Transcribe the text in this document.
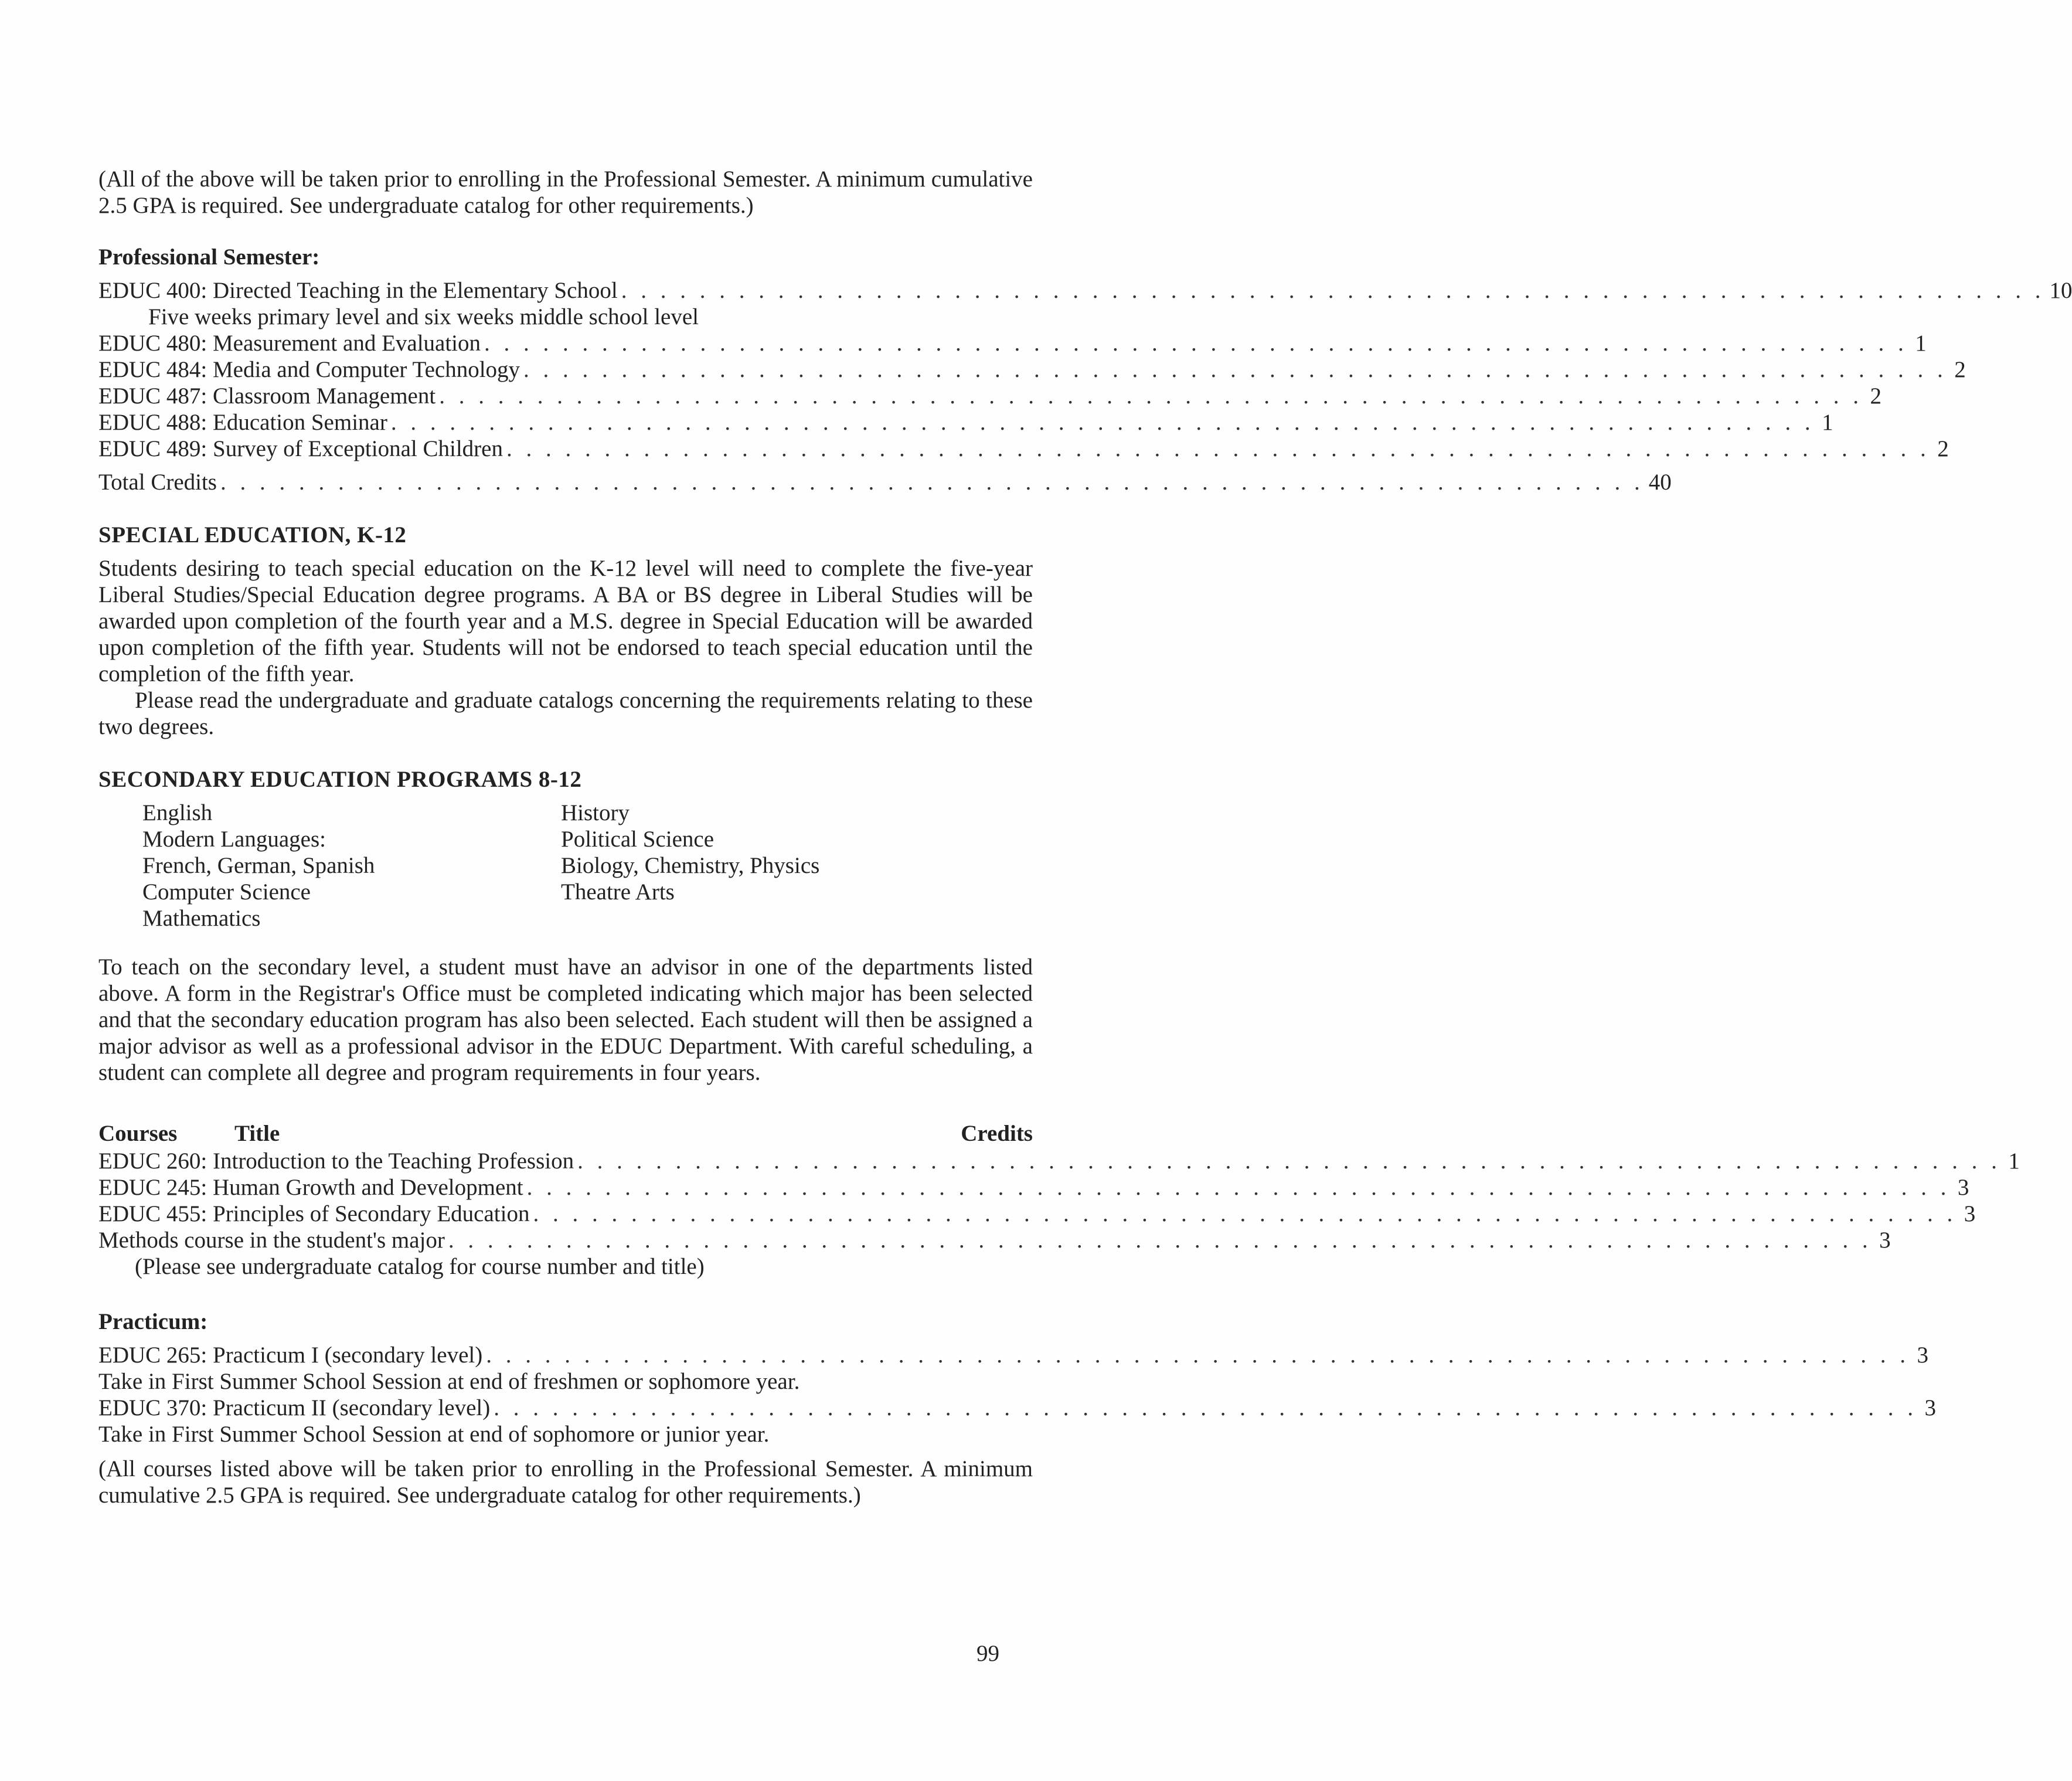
(All of the above will be taken prior to enrolling in the Professional Semester. A minimum cumulative 2.5 GPA is required. See undergraduate catalog for other requirements.)

Professional Semester:
EDUC 400: Directed Teaching in the Elementary School . . . . . . . . . . . . . . . . . . . . . . . . . . . . . . . . . . . . . . . . . . . . . . . . . . . . . . . . . . . . . . . . . . . . . . . . . 10

Five weeks primary level and six weeks middle school level

EDUC 480: Measurement and Evaluation . . . . . . . . . . . . . . . . . . . . . . . . . . . . . . . . . . . . . . . . . . . . . . . . . . . . . . . . . . . . . . . . . . . . . . . . . 1
EDUC 484: Media and Computer Technology . . . . . . . . . . . . . . . . . . . . . . . . . . . . . . . . . . . . . . . . . . . . . . . . . . . . . . . . . . . . . . . . . . . . . . . . . 2
EDUC 487: Classroom Management . . . . . . . . . . . . . . . . . . . . . . . . . . . . . . . . . . . . . . . . . . . . . . . . . . . . . . . . . . . . . . . . . . . . . . . . . 2
EDUC 488: Education Seminar . . . . . . . . . . . . . . . . . . . . . . . . . . . . . . . . . . . . . . . . . . . . . . . . . . . . . . . . . . . . . . . . . . . . . . . . . 1
EDUC 489: Survey of Exceptional Children . . . . . . . . . . . . . . . . . . . . . . . . . . . . . . . . . . . . . . . . . . . . . . . . . . . . . . . . . . . . . . . . . . . . . . . . . 2
Total Credits . . . . . . . . . . . . . . . . . . . . . . . . . . . . . . . . . . . . . . . . . . . . . . . . . . . . . . . . . . . . . . . . . . . . . . . . . 40
SPECIAL EDUCATION, K-12

Students desiring to teach special education on the K-12 level will need to complete the five-year Liberal Studies/Special Education degree programs. A BA or BS degree in Liberal Studies will be awarded upon completion of the fourth year and a M.S. degree in Special Education will be awarded upon completion of the fifth year. Students will not be endorsed to teach special education until the completion of the fifth year.

Please read the undergraduate and graduate catalogs concerning the requirements relating to these two degrees.

SECONDARY EDUCATION PROGRAMS 8-12

English

Modern Languages:

French, German, Spanish

Computer Science

Mathematics

History

Political Science

Biology, Chemistry, Physics

Theatre Arts

To teach on the secondary level, a student must have an advisor in one of the departments listed above. A form in the Registrar's Office must be completed indicating which major has been selected and that the secondary education program has also been selected. Each student will then be assigned a major advisor as well as a professional advisor in the EDUC Department. With careful scheduling, a student can complete all degree and program requirements in four years.

Courses	Title	Credits
EDUC 260: Introduction to the Teaching Profession . . . . . . . . . . . . . . . . . . . . . . . . . . . . . . . . . . . . . . . . . . . . . . . . . . . . . . . . . . . . . . . . . . . . . . . . . 1
EDUC 245: Human Growth and Development . . . . . . . . . . . . . . . . . . . . . . . . . . . . . . . . . . . . . . . . . . . . . . . . . . . . . . . . . . . . . . . . . . . . . . . . . 3
EDUC 455: Principles of Secondary Education . . . . . . . . . . . . . . . . . . . . . . . . . . . . . . . . . . . . . . . . . . . . . . . . . . . . . . . . . . . . . . . . . . . . . . . . . 3
Methods course in the student's major . . . . . . . . . . . . . . . . . . . . . . . . . . . . . . . . . . . . . . . . . . . . . . . . . . . . . . . . . . . . . . . . . . . . . . . . . 3

(Please see undergraduate catalog for course number and title)

Practicum:
EDUC 265: Practicum I (secondary level) . . . . . . . . . . . . . . . . . . . . . . . . . . . . . . . . . . . . . . . . . . . . . . . . . . . . . . . . . . . . . . . . . . . . . . . . . 3

Take in First Summer School Session at end of freshmen or sophomore year.

EDUC 370: Practicum II (secondary level) . . . . . . . . . . . . . . . . . . . . . . . . . . . . . . . . . . . . . . . . . . . . . . . . . . . . . . . . . . . . . . . . . . . . . . . . . 3

Take in First Summer School Session at end of sophomore or junior year.

(All courses listed above will be taken prior to enrolling in the Professional Semester. A minimum cumulative 2.5 GPA is required. See undergraduate catalog for other requirements.)

99
